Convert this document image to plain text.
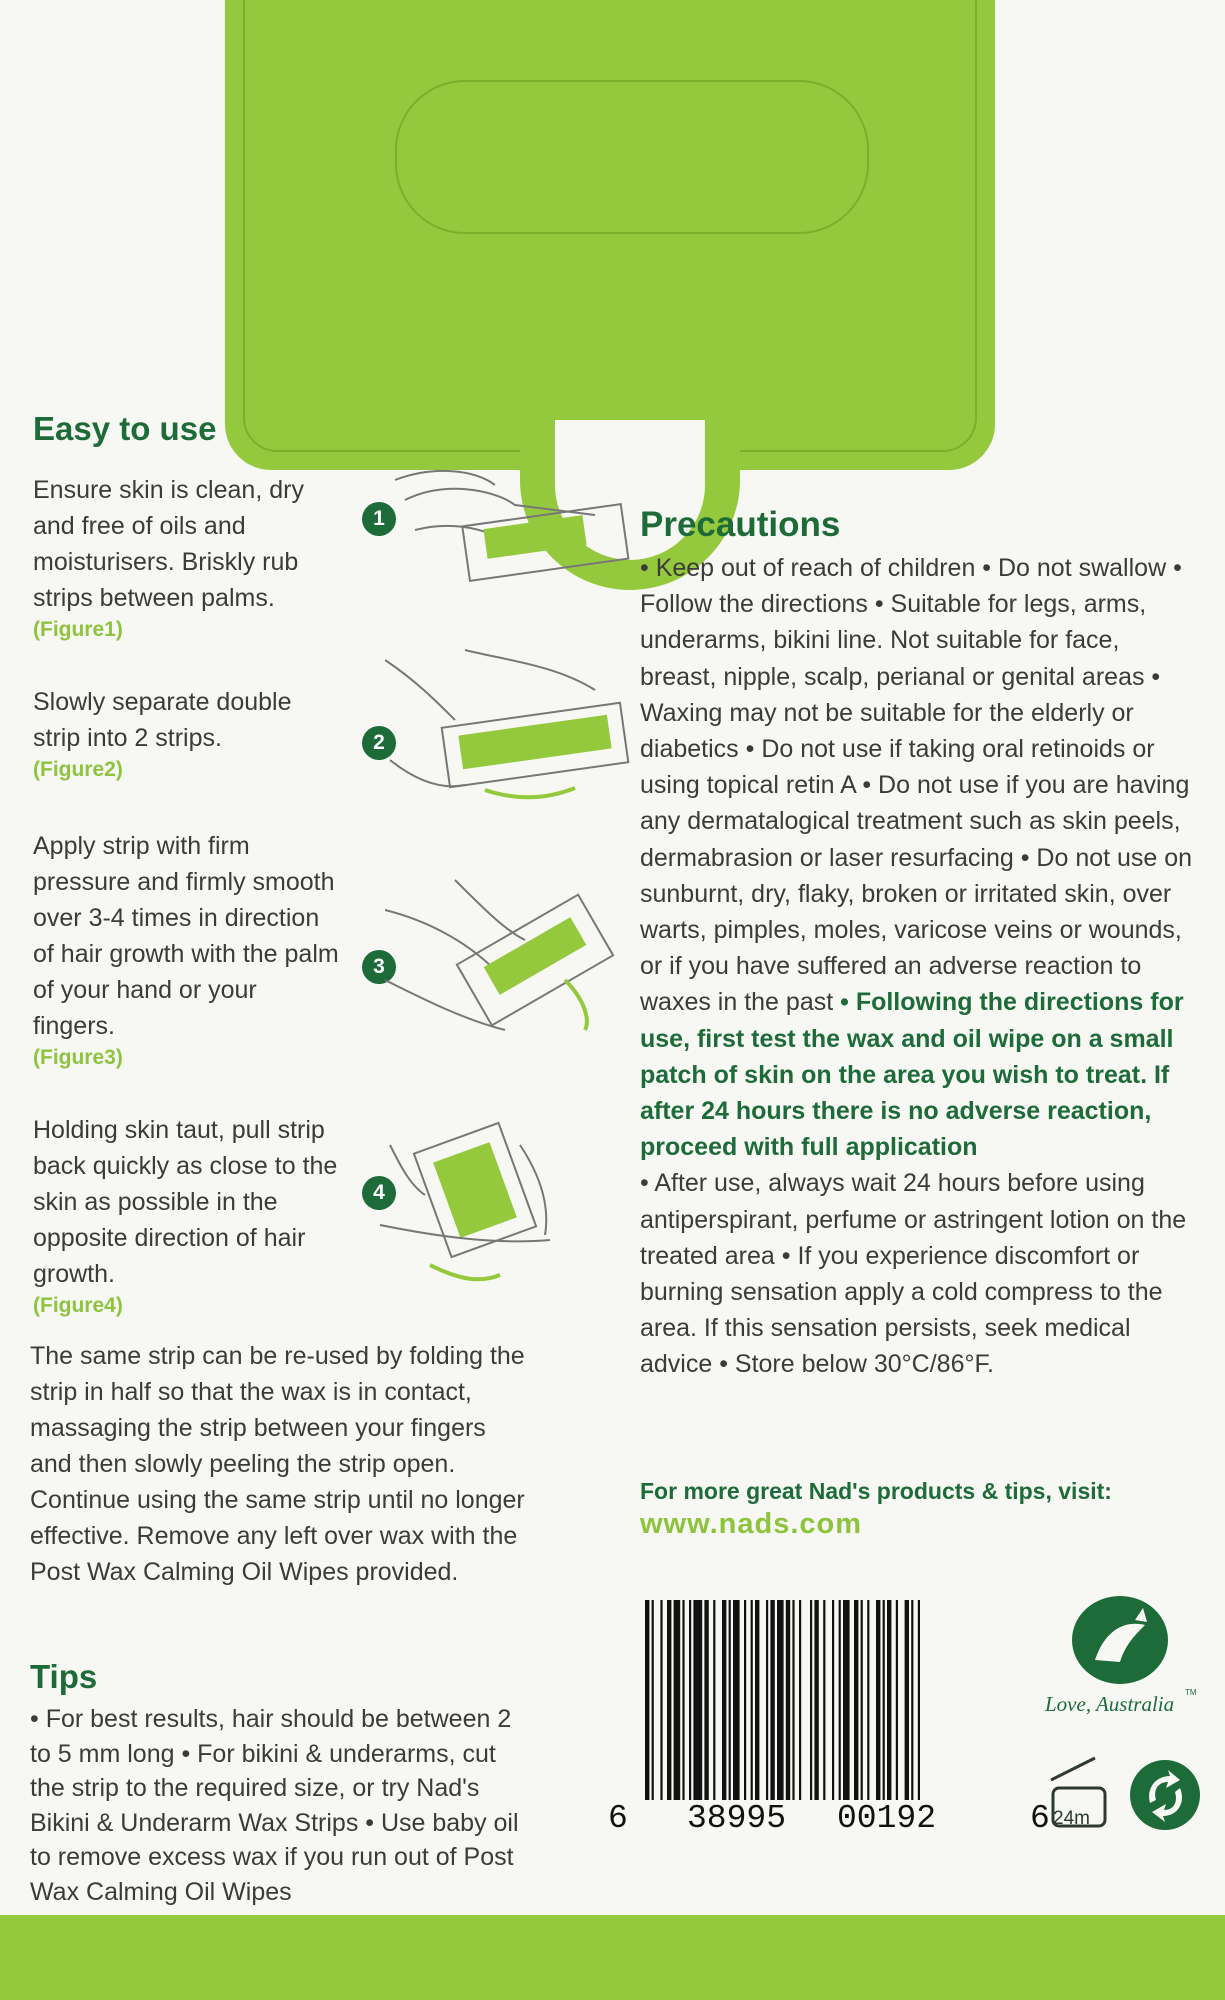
Easy to use
Ensure skin is clean, dry and free of oils and moisturisers. Briskly rub strips between palms.
(Figure1)
Slowly separate double strip into 2 strips.
(Figure2)
Apply strip with firm pressure and firmly smooth over 3-4 times in direction of hair growth with the palm of your hand or your fingers.
(Figure3)
Holding skin taut, pull strip back quickly as close to the skin as possible in the opposite direction of hair growth.
(Figure4)
1
2
3
4
The same strip can be re-used by folding the strip in half so that the wax is in contact, massaging the strip between your fingers and then slowly peeling the strip open. Continue using the same strip until no longer effective. Remove any left over wax with the Post Wax Calming Oil Wipes provided.
Tips
• For best results, hair should be between 2 to 5 mm long • For bikini & underarms, cut the strip to the required size, or try Nad's Bikini & Underarm Wax Strips • Use baby oil to remove excess wax if you run out of Post Wax Calming Oil Wipes
Precautions
• Keep out of reach of children • Do not swallow • Follow the directions • Suitable for legs, arms, underarms, bikini line. Not suitable for face, breast, nipple, scalp, perianal or genital areas • Waxing may not be suitable for the elderly or diabetics • Do not use if taking oral retinoids or using topical retin A • Do not use if you are having any dermatalogical treatment such as skin peels, dermabrasion or laser resurfacing • Do not use on sunburnt, dry, flaky, broken or irritated skin, over warts, pimples, moles, varicose veins or wounds, or if you have suffered an adverse reaction to waxes in the past • Following the directions for use, first test the wax and oil wipe on a small patch of skin on the area you wish to treat. If after 24 hours there is no adverse reaction, proceed with full application
• After use, always wait 24 hours before using antiperspirant, perfume or astringent lotion on the treated area • If you experience discomfort or burning sensation apply a cold compress to the area. If this sensation persists, seek medical advice • Store below 30°C/86°F.
For more great Nad's products & tips, visit:
www.nads.com
6 38995 00192	6
Love, Australia TM
24m
